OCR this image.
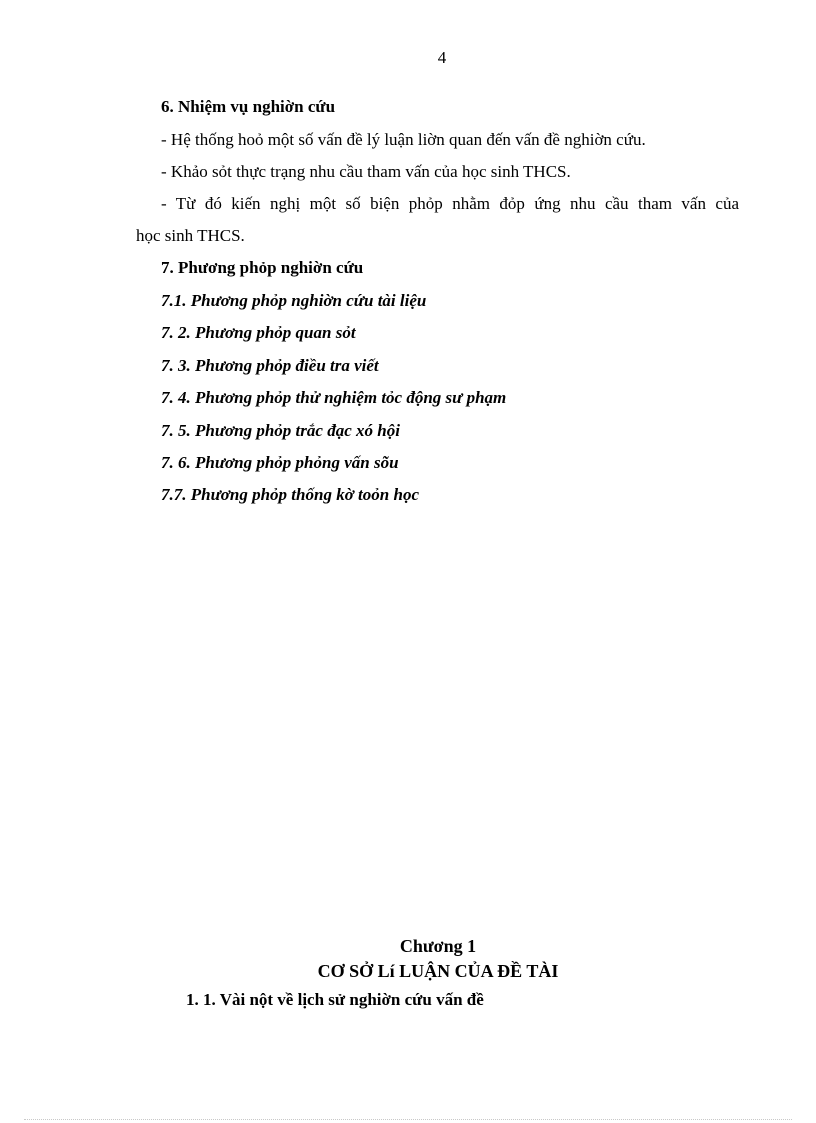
4
6. Nhiệm vụ nghiờn cứu
- Hệ thống hoỏ một số vấn đề lý luận liờn quan đến vấn đề nghiờn cứu.
- Khảo sỏt thực trạng nhu cầu tham vấn của học sinh THCS.
- Từ đó kiến nghị một số biện phỏp nhằm đỏp ứng nhu cầu tham vấn của
học sinh THCS.
7. Phương phỏp nghiờn cứu
7.1. Phương phỏp nghiờn cứu tài liệu
7. 2. Phương phỏp quan sỏt
7. 3. Phương phỏp điều tra viết
7. 4. Phương phỏp thử nghiệm tỏc động sư phạm
7. 5. Phương phỏp trắc đạc xó hội
7. 6. Phương phỏp phỏng vấn sõu
7.7. Phương phỏp thống kờ toỏn học
Chương 1
CƠ SỞ Lí LUẬN CỦA ĐỀ TÀI
1. 1. Vài nột về lịch sử nghiờn cứu vấn đề
